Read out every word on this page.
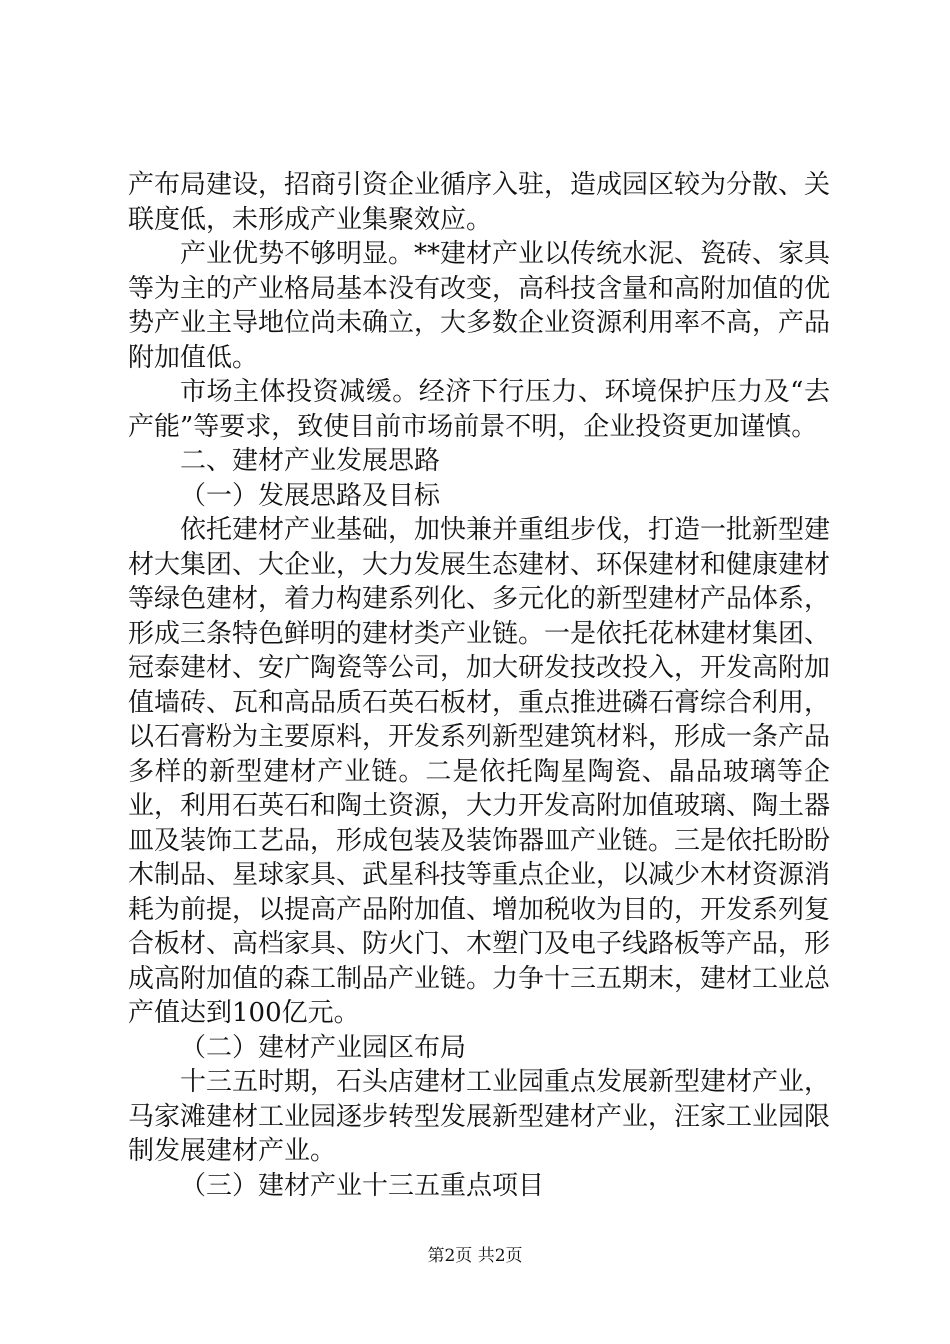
产布局建设，招商引资企业循序入驻，造成园区较为分散、关联度低，未形成产业集聚效应。

产业优势不够明显。**建材产业以传统水泥、瓷砖、家具等为主的产业格局基本没有改变，高科技含量和高附加值的优势产业主导地位尚未确立，大多数企业资源利用率不高，产品附加值低。

市场主体投资减缓。经济下行压力、环境保护压力及“去产能”等要求，致使目前市场前景不明，企业投资更加谨慎。

二、建材产业发展思路

（一）发展思路及目标

依托建材产业基础，加快兼并重组步伐，打造一批新型建材大集团、大企业，大力发展生态建材、环保建材和健康建材等绿色建材，着力构建系列化、多元化的新型建材产品体系，形成三条特色鲜明的建材类产业链。一是依托花林建材集团、冠泰建材、安广陶瓷等公司，加大研发技改投入，开发高附加值墙砖、瓦和高品质石英石板材，重点推进磷石膏综合利用，以石膏粉为主要原料，开发系列新型建筑材料，形成一条产品多样的新型建材产业链。二是依托陶星陶瓷、晶品玻璃等企业，利用石英石和陶土资源，大力开发高附加值玻璃、陶土器皿及装饰工艺品，形成包装及装饰器皿产业链。三是依托盼盼木制品、星球家具、武星科技等重点企业，以减少木材资源消耗为前提，以提高产品附加值、增加税收为目的，开发系列复合板材、高档家具、防火门、木塑门及电子线路板等产品，形成高附加值的森工制品产业链。力争十三五期末，建材工业总产值达到100亿元。

（二）建材产业园区布局

十三五时期，石头店建材工业园重点发展新型建材产业，马家滩建材工业园逐步转型发展新型建材产业，汪家工业园限制发展建材产业。

（三）建材产业十三五重点项目

第2页 共2页
